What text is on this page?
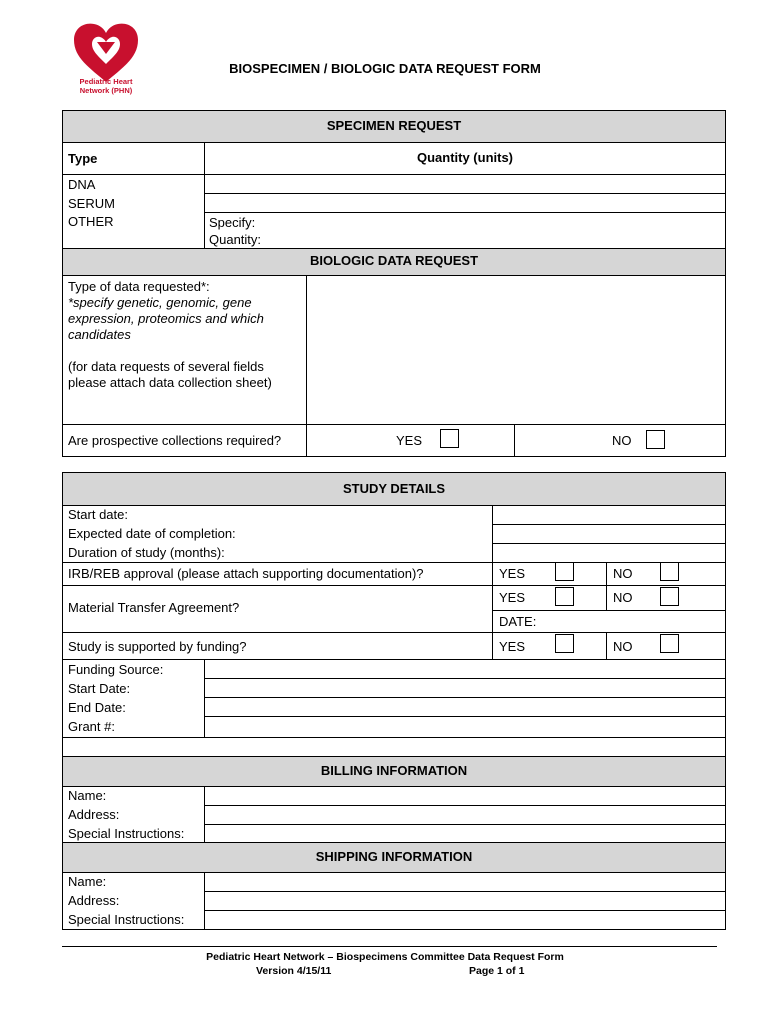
Pediatric Heart
Network (PHN)
BIOSPECIMEN / BIOLOGIC DATA REQUEST FORM
SPECIMEN REQUEST
Type	Quantity (units)
DNA
SERUM
OTHER	Specify:
Quantity:
BIOLOGIC DATA REQUEST
Type of data requested*:
*specify genetic, genomic, gene
expression, proteomics and which
candidates
(for data requests of several fields
please attach data collection sheet)
Are prospective collections required?	YES	NO
STUDY DETAILS
Start date:
Expected date of completion:
Duration of study (months):
IRB/REB approval (please attach supporting documentation)?	YES	NO
Material Transfer Agreement?
YES	NO
DATE:
Study is supported by funding?	YES	NO
Funding Source:
Start Date:
End Date:
Grant #:
BILLING INFORMATION
Name:
Address:
Special Instructions:
SHIPPING INFORMATION
Name:
Address:
Special Instructions:
Pediatric Heart Network – Biospecimens Committee Data Request Form
Version 4/15/11	Page 1 of 1
